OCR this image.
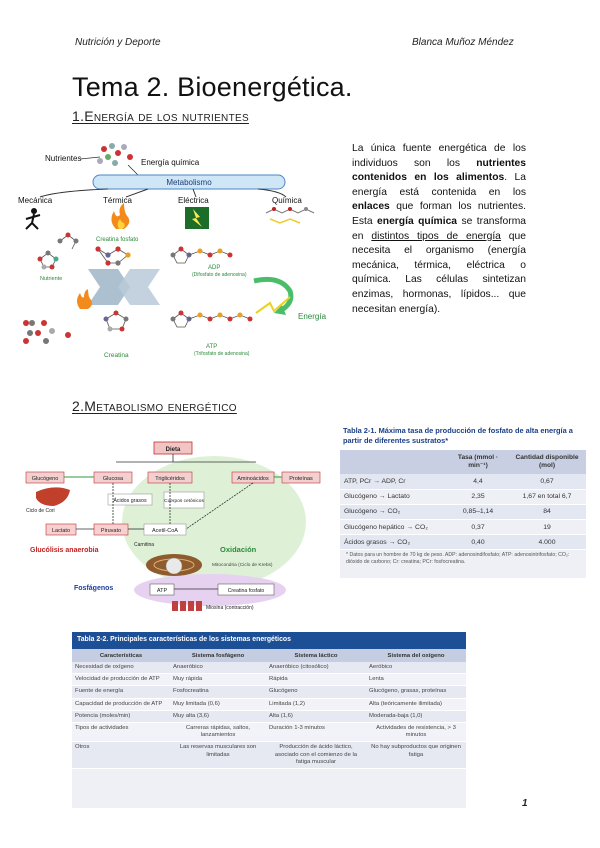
Nutrición y Deporte	Blanca Muñoz Méndez
Tema 2. Bioenergética.
1.Energía de los nutrientes
Nutrientes	Energía química
Metabolismo
Mecánica	Térmica	Eléctrica	Química
Creatina fosfato
Nutriente
ADP
(Difosfato de adenosina)
Energía
Creatina
ATP
(Trifosfato de adenosina)
La única fuente energética de los individuos son los nutrientes contenidos en los alimentos. La energía está contenida en los enlaces que forman los nutrientes. Esta energía química se transforma en distintos tipos de energía que necesita el organismo (energía mecánica, térmica, eléctrica o química. Las células sintetizan enzimas, hormonas, lípidos... que necesitan energía).
2.Metabolismo energético
Dieta
Glucógeno	Glucosa	Triglicéridos	Aminoácidos	Proteínas
Ciclo de Cori
Ácidos grasos	Cuerpos cetónicos
Lactato	Piruvato	Acetil-CoA
Carnitina
Glucólisis anaerobia	Oxidación
Mitocondria (Ciclo de Krebs)
Fosfágenos	ATP	Creatina fosfato
Miosina (contracción)
Tabla 2-1. Máxima tasa de producción de fosfato de alta energía a partir de diferentes sustratos*
	Tasa (mmol · min⁻¹)	Cantidad disponible (mol)
ATP, PCr → ADP, Cr	4,4	0,67
Glucógeno → Lactato	2,35	1,67 en total 6,7
Glucógeno → CO₂	0,85–1,14	84
Glucógeno hepático → CO₂	0,37	19
Ácidos grasos → CO₂	0,40	4.000
* Datos para un hombre de 70 kg de peso. ADP: adenosindifosfato; ATP: adenosintrifosfato; CO₂: dióxido de carbono; Cr: creatina; PCr: fosfocreatina.
Tabla 2-2. Principales características de los sistemas energéticos
Características	Sistema fosfágeno	Sistema láctico	Sistema del oxígeno
Necesidad de oxígeno	Anaeróbico	Anaeróbico (citosólico)	Aeróbico
Velocidad de producción de ATP	Muy rápida	Rápida	Lenta
Fuente de energía	Fosfocreatina	Glucógeno	Glucógeno, grasas, proteínas
Capacidad de producción de ATP	Muy limitada (0,6)	Limitada (1,2)	Alta (teóricamente ilimitada)
Potencia (moles/min)	Muy alta (3,6)	Alta (1,6)	Moderada-baja (1,0)
Tipos de actividades	Carreras rápidas, saltos, lanzamientos	Duración 1-3 minutos	Actividades de resistencia, > 3 minutos
Otros	Las reservas musculares son limitadas	Producción de ácido láctico, asociado con el comienzo de la fatiga muscular	No hay subproductos que originen fatiga
1
